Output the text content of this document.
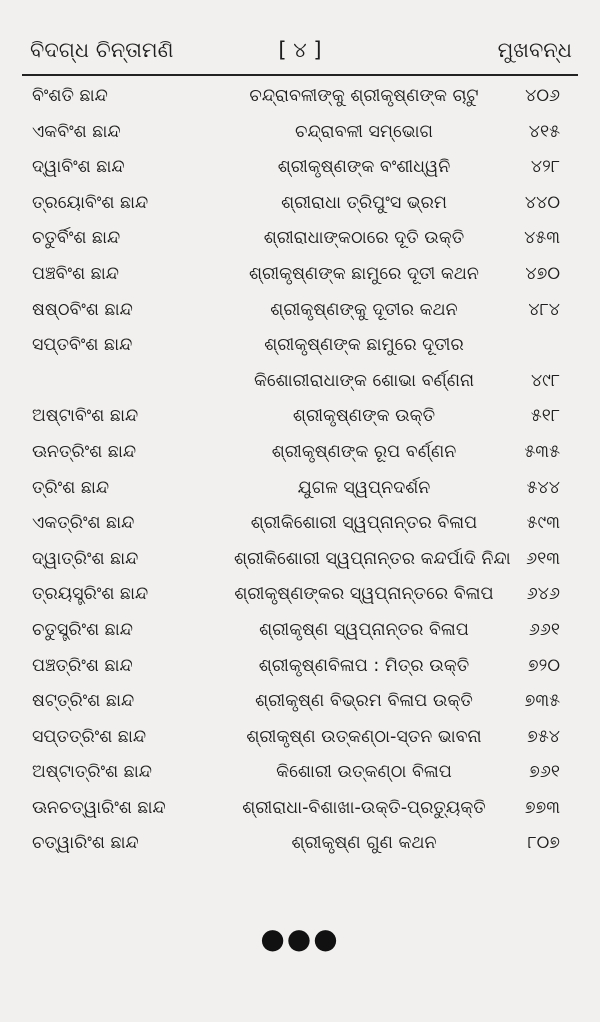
ବିଦଗ୍ଧ ଚିନ୍ତାମଣି	[ ୪ ]	ମୁଖବନ୍ଧ
ବିଂଶତି ଛାନ୍ଦ	ଚନ୍ଦ୍ରାବଳୀଙ୍କୁ ଶ୍ରୀକୃଷ୍ଣଙ୍କ ଚାଟୁ	୪୦୬
ଏକବିଂଶ ଛାନ୍ଦ	ଚନ୍ଦ୍ରାବଳୀ ସମ୍ଭୋଗ	୪୧୫
ଦ୍ୱାବିଂଶ ଛାନ୍ଦ	ଶ୍ରୀକୃଷ୍ଣଙ୍କ ବଂଶୀଧ୍ୱନି	୪୨୮
ତ୍ରୟୋବିଂଶ ଛାନ୍ଦ	ଶ୍ରୀରାଧା ତ୍ରିପୁଂସ ଭ୍ରମ	୪୪୦
ଚତୁର୍ବିଂଶ ଛାନ୍ଦ	ଶ୍ରୀରାଧାଙ୍କଠାରେ ଦୂତି ଉକ୍ତି	୪୫୩
ପଞ୍ଚବିଂଶ ଛାନ୍ଦ	ଶ୍ରୀକୃଷ୍ଣଙ୍କ ଛାମୁରେ ଦୂତୀ କଥନ	୪୭୦
ଷଷ୍ଠବିଂଶ ଛାନ୍ଦ	ଶ୍ରୀକୃଷ୍ଣଙ୍କୁ ଦୂତୀର କଥନ	୪୮୪
ସପ୍ତବିଂଶ ଛାନ୍ଦ	ଶ୍ରୀକୃଷ୍ଣଙ୍କ ଛାମୁରେ ଦୂତୀର
କିଶୋରୀରାଧାଙ୍କ ଶୋଭା ବର୍ଣ୍ଣନା	୪୯୮
ଅଷ୍ଟାବିଂଶ ଛାନ୍ଦ	ଶ୍ରୀକୃଷ୍ଣଙ୍କ ଉକ୍ତି	୫୧୮
ଊନତ୍ରିଂଶ ଛାନ୍ଦ	ଶ୍ରୀକୃଷ୍ଣଙ୍କ ରୂପ ବର୍ଣ୍ଣନ	୫୩୫
ତ୍ରିଂଶ ଛାନ୍ଦ	ଯୁଗଳ ସ୍ୱପ୍ନଦର୍ଶନ	୫୪୪
ଏକତ୍ରିଂଶ ଛାନ୍ଦ	ଶ୍ରୀକିଶୋରୀ ସ୍ୱପ୍ନାନ୍ତର ବିଳାପ	୫୯୩
ଦ୍ୱାତ୍ରିଂଶ ଛାନ୍ଦ	ଶ୍ରୀକିଶୋରୀ ସ୍ୱପ୍ନାନ୍ତର କନ୍ଦର୍ପାଦି ନିନ୍ଦା ୬୧୩
ତ୍ରୟସ୍ତ୍ରିଂଶ ଛାନ୍ଦ	ଶ୍ରୀକୃଷ୍ଣଙ୍କର ସ୍ୱପ୍ନାନ୍ତରେ ବିଳାପ ୬୪୬
ଚତୁସ୍ତ୍ରିଂଶ ଛାନ୍ଦ	ଶ୍ରୀକୃଷ୍ଣ ସ୍ୱପ୍ନାନ୍ତର ବିଳାପ	୬୬୧
ପଞ୍ଚତ୍ରିଂଶ ଛାନ୍ଦ	ଶ୍ରୀକୃଷ୍ଣବିଳାପ : ମିତ୍ର ଉକ୍ତି	୭୨୦
ଷଟ୍‌ତ୍ରିଂଶ ଛାନ୍ଦ	ଶ୍ରୀକୃଷ୍ଣ ବିଭ୍ରମ ବିଳାପ ଉକ୍ତି	୭୩୫
ସପ୍ତତ୍ରିଂଶ ଛାନ୍ଦ	ଶ୍ରୀକୃଷ୍ଣ ଉତ୍କଣ୍ଠା-ସ୍ତନ ଭାବନା	୭୫୪
ଅଷ୍ଟାତ୍ରିଂଶ ଛାନ୍ଦ	କିଶୋରୀ ଉତ୍କଣ୍ଠା ବିଳାପ	୭୬୧
ଊନଚତ୍ୱାରିଂଶ ଛାନ୍ଦ	ଶ୍ରୀରାଧା-ବିଶାଖା-ଉକ୍ତି-ପ୍ରତ୍ୟୁକ୍ତି	୭୭୩
ଚତ୍ୱାରିଂଶ ଛାନ୍ଦ	ଶ୍ରୀକୃଷ୍ଣ ଗୁଣ କଥନ	୮୦୭
●●●
